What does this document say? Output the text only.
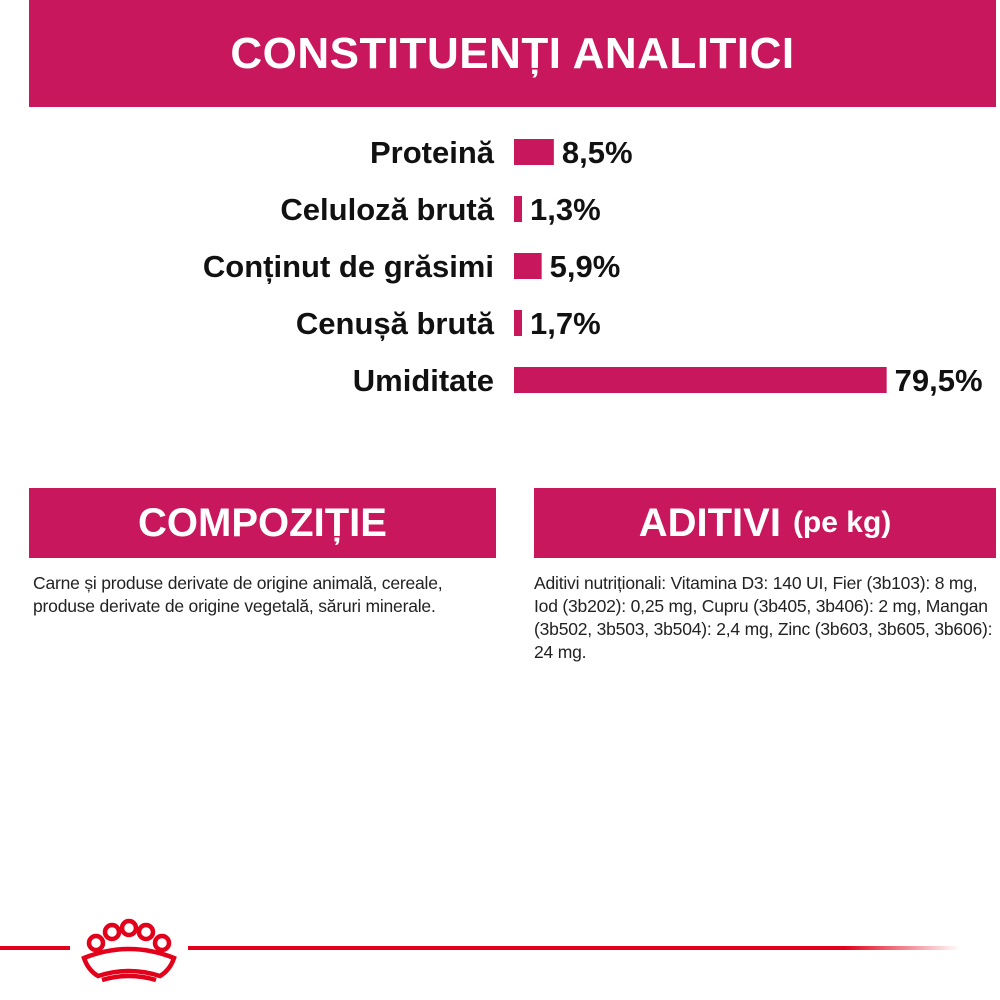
CONSTITUENȚI ANALITICI
Proteină 8,5%
Celuloză brută 1,3%
Conținut de grăsimi 5,9%
Cenușă brută 1,7%
Umiditate	79,5%
COMPOZIȚIE
Carne și produse derivate de origine animală, cereale, produse derivate de origine vegetală, săruri minerale.
ADITIVI (pe kg)
Aditivi nutriționali: Vitamina D3: 140 UI, Fier (3b103): 8 mg, Iod (3b202): 0,25 mg, Cupru (3b405, 3b406): 2 mg, Mangan (3b502, 3b503, 3b504): 2,4 mg, Zinc (3b603, 3b605, 3b606): 24 mg.
